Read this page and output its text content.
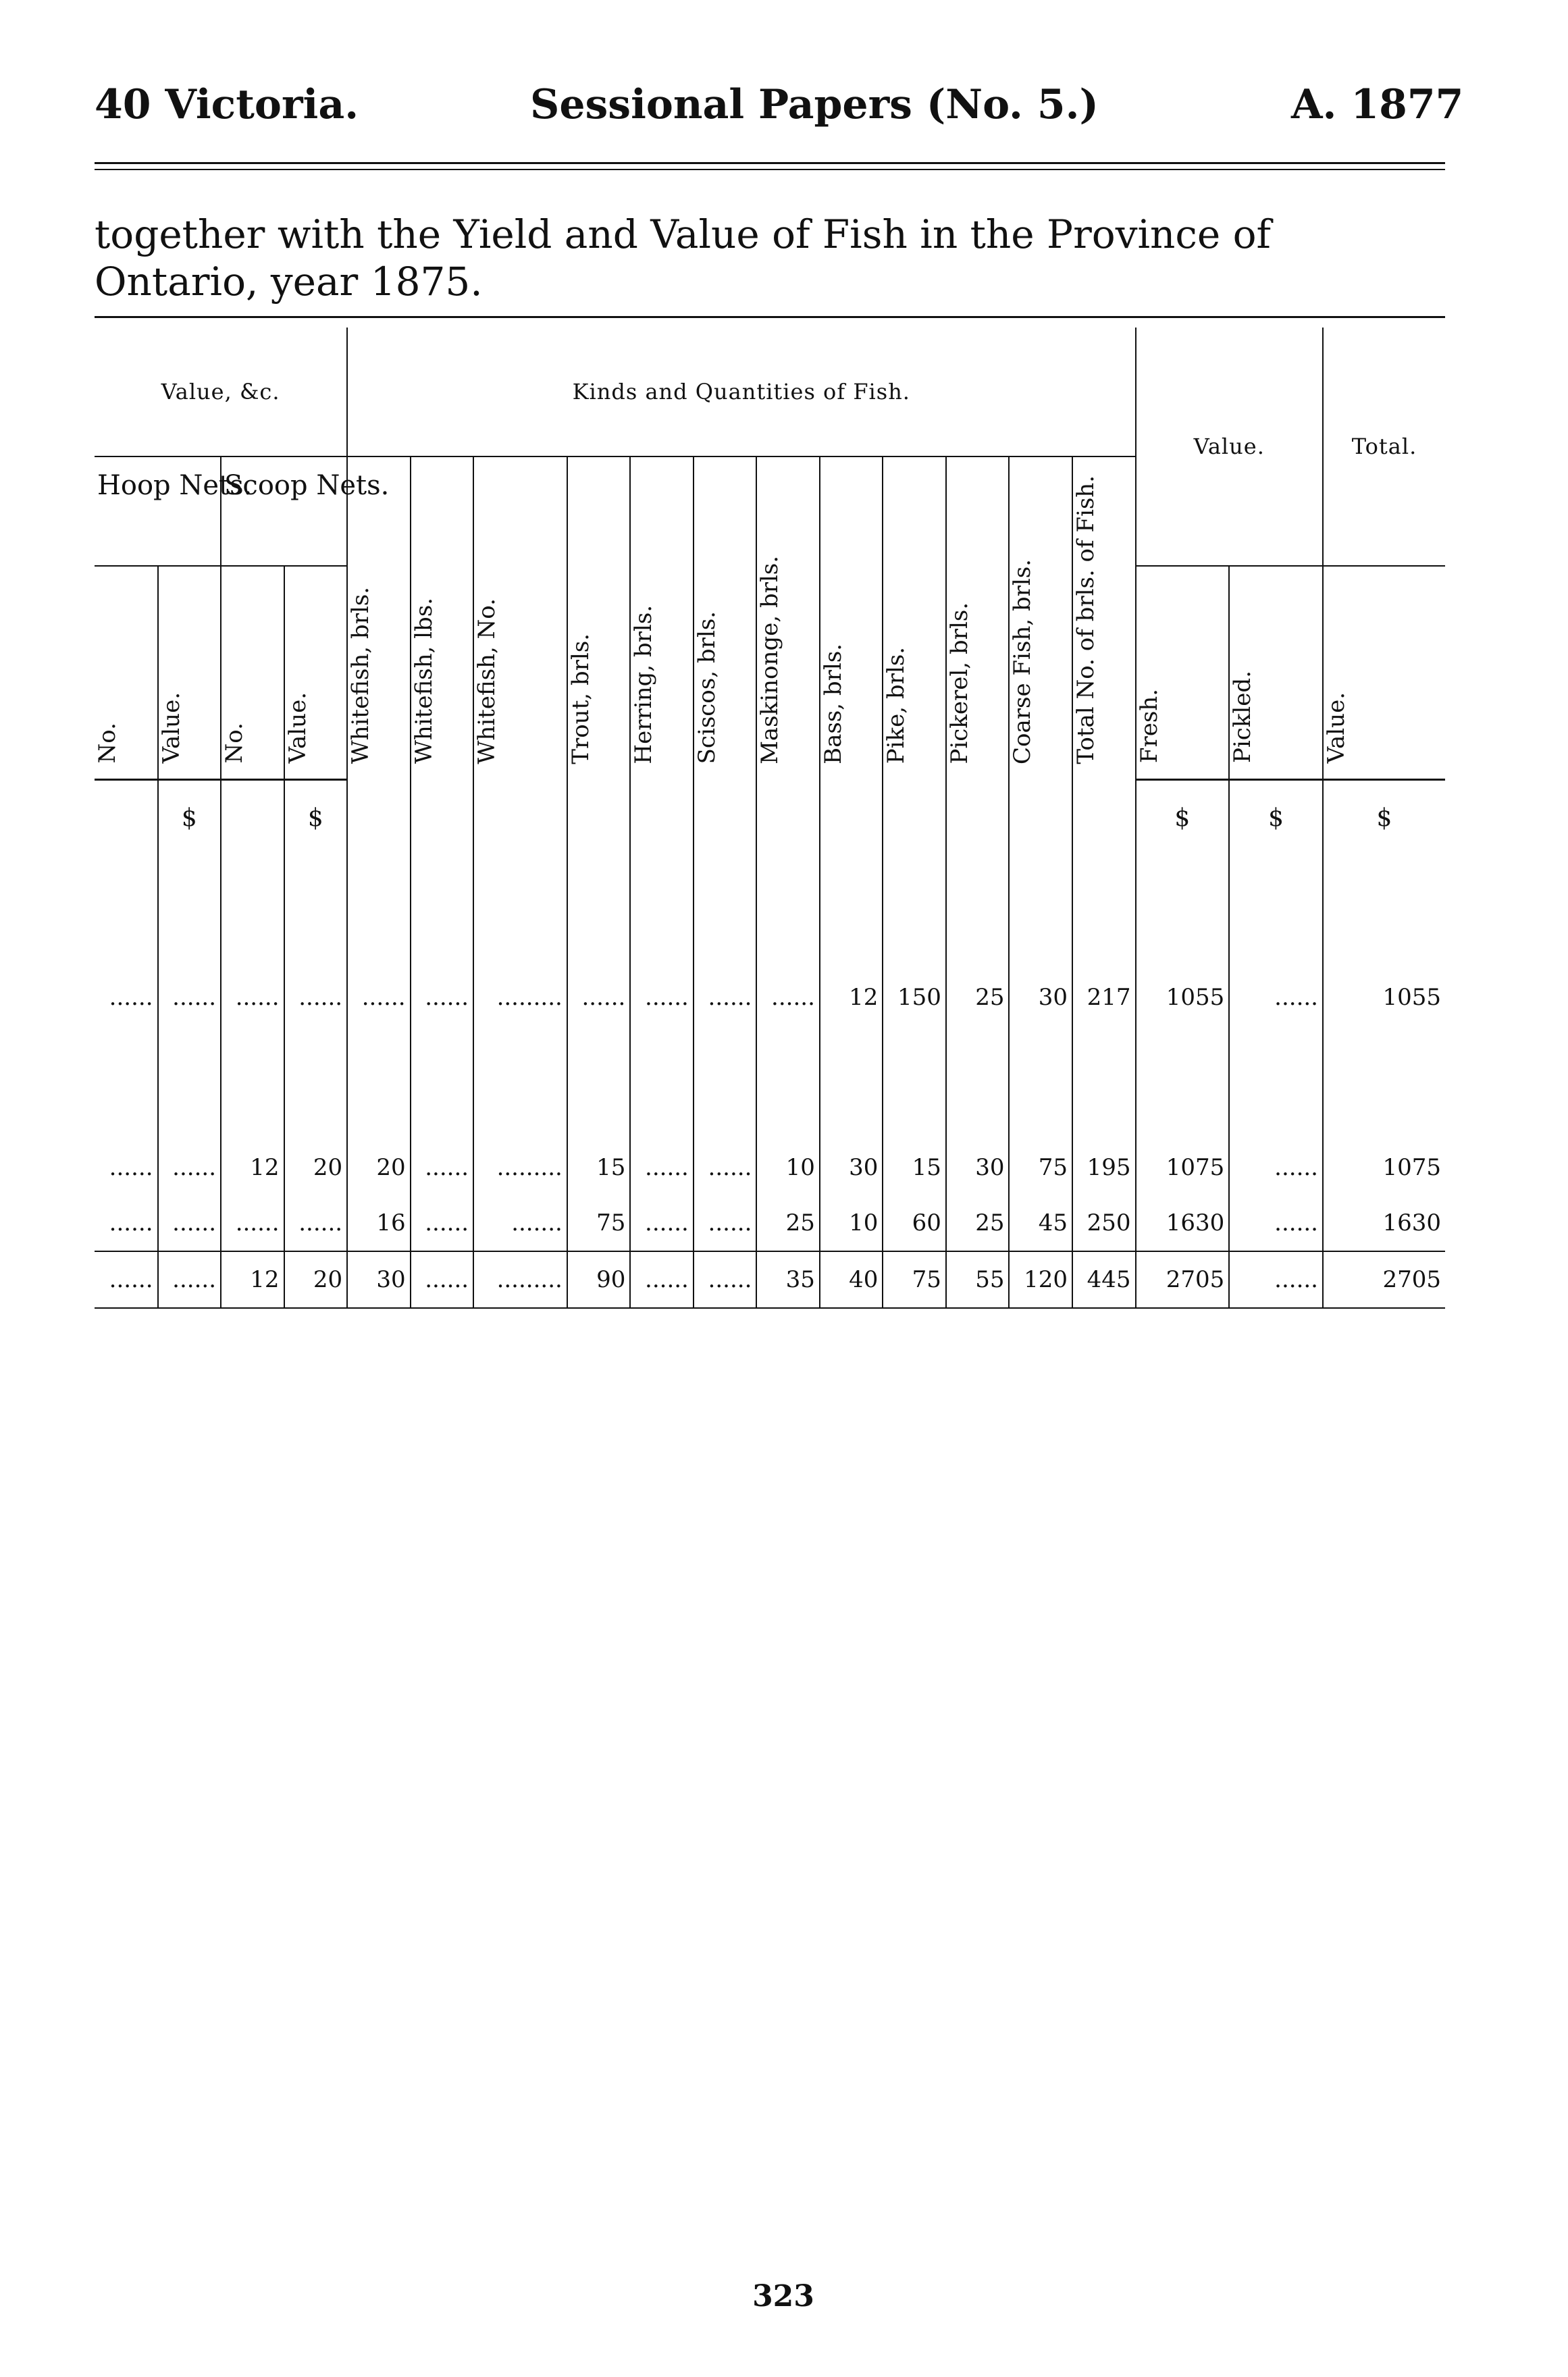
40 Victoria.	Sessional Papers (No. 5.)	A. 1877
together with the Yield and Value of Fish in the Province of Ontario, year 1875.
Value, &c.				Kinds and Quantities of Fish.												Value.		Total.
Hoop Nets.		Scoop Nets.		Whitefish, brls.	Whitefish, lbs.	Whitefish, No.	Trout, brls.	Herring, brls.	Sciscos, brls.	Maskinonge, brls.	Bass, brls.	Pike, brls.	Pickerel, brls.	Coarse Fish, brls.	Total No. of brls. of Fish.			
No.	Value.	No.	Value.													Fresh.	Pickled.	Value.
	$		$													$	$	$

......	......	......	......	......	......	.........	......	......	......	......	12	150	25	30	217	1055	......	1055

......	......	12	20	20	......	.........	15	......	......	10	30	15	30	75	195	1075	......	1075
......	......	......	......	16	......	.......	75	......	......	25	10	60	25	45	250	1630	......	1630
......	......	12	20	30	......	.........	90	......	......	35	40	75	55	120	445	2705	......	2705
323
